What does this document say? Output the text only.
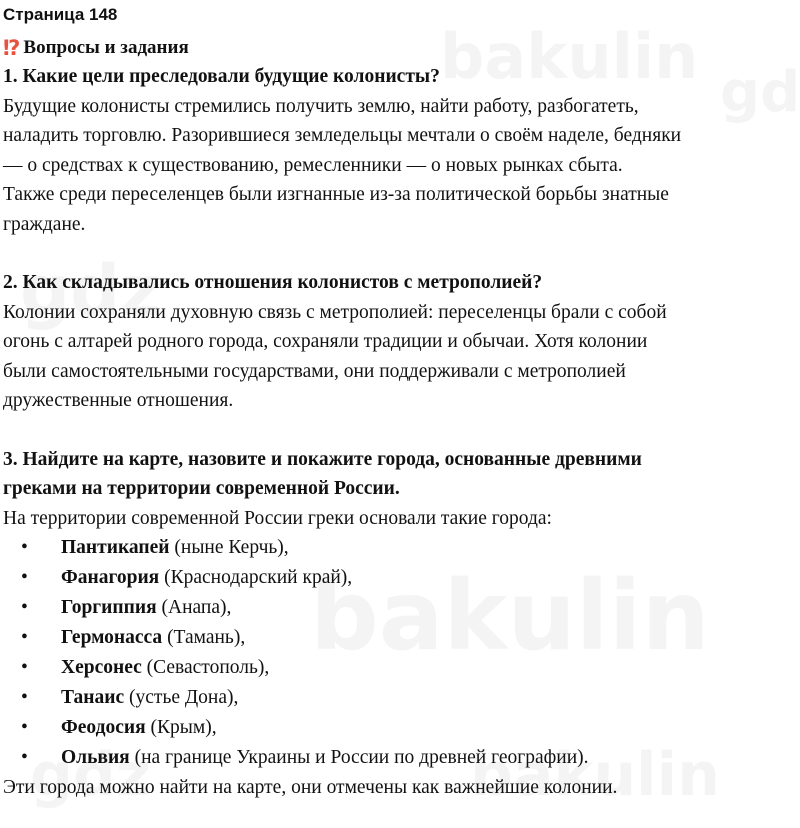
Страница 148
⁉ Вопросы и задания

1. Какие цели преследовали будущие колонисты?

Будущие колонисты стремились получить землю, найти работу, разбогатеть,

наладить торговлю. Разорившиеся земледельцы мечтали о своём наделе, бедняки

— о средствах к существованию, ремесленники — о новых рынках сбыта.

Также среди переселенцев были изгнанные из-за политической борьбы знатные

граждане.

2. Как складывались отношения колонистов с метрополией?

Колонии сохраняли духовную связь с метрополией: переселенцы брали с собой

огонь с алтарей родного города, сохраняли традиции и обычаи. Хотя колонии

были самостоятельными государствами, они поддерживали с метрополией

дружественные отношения.

3. Найдите на карте, назовите и покажите города, основанные древними

греками на территории современной России.

На территории современной России греки основали такие города:

• Пантикапей (ныне Керчь),
• Фанагория (Краснодарский край),
• Горгиппия (Анапа),
• Гермонасса (Тамань),
• Херсонес (Севастополь),
• Танаис (устье Дона),
• Феодосия (Крым),
• Ольвия (на границе Украины и России по древней географии).

Эти города можно найти на карте, они отмечены как важнейшие колонии.
